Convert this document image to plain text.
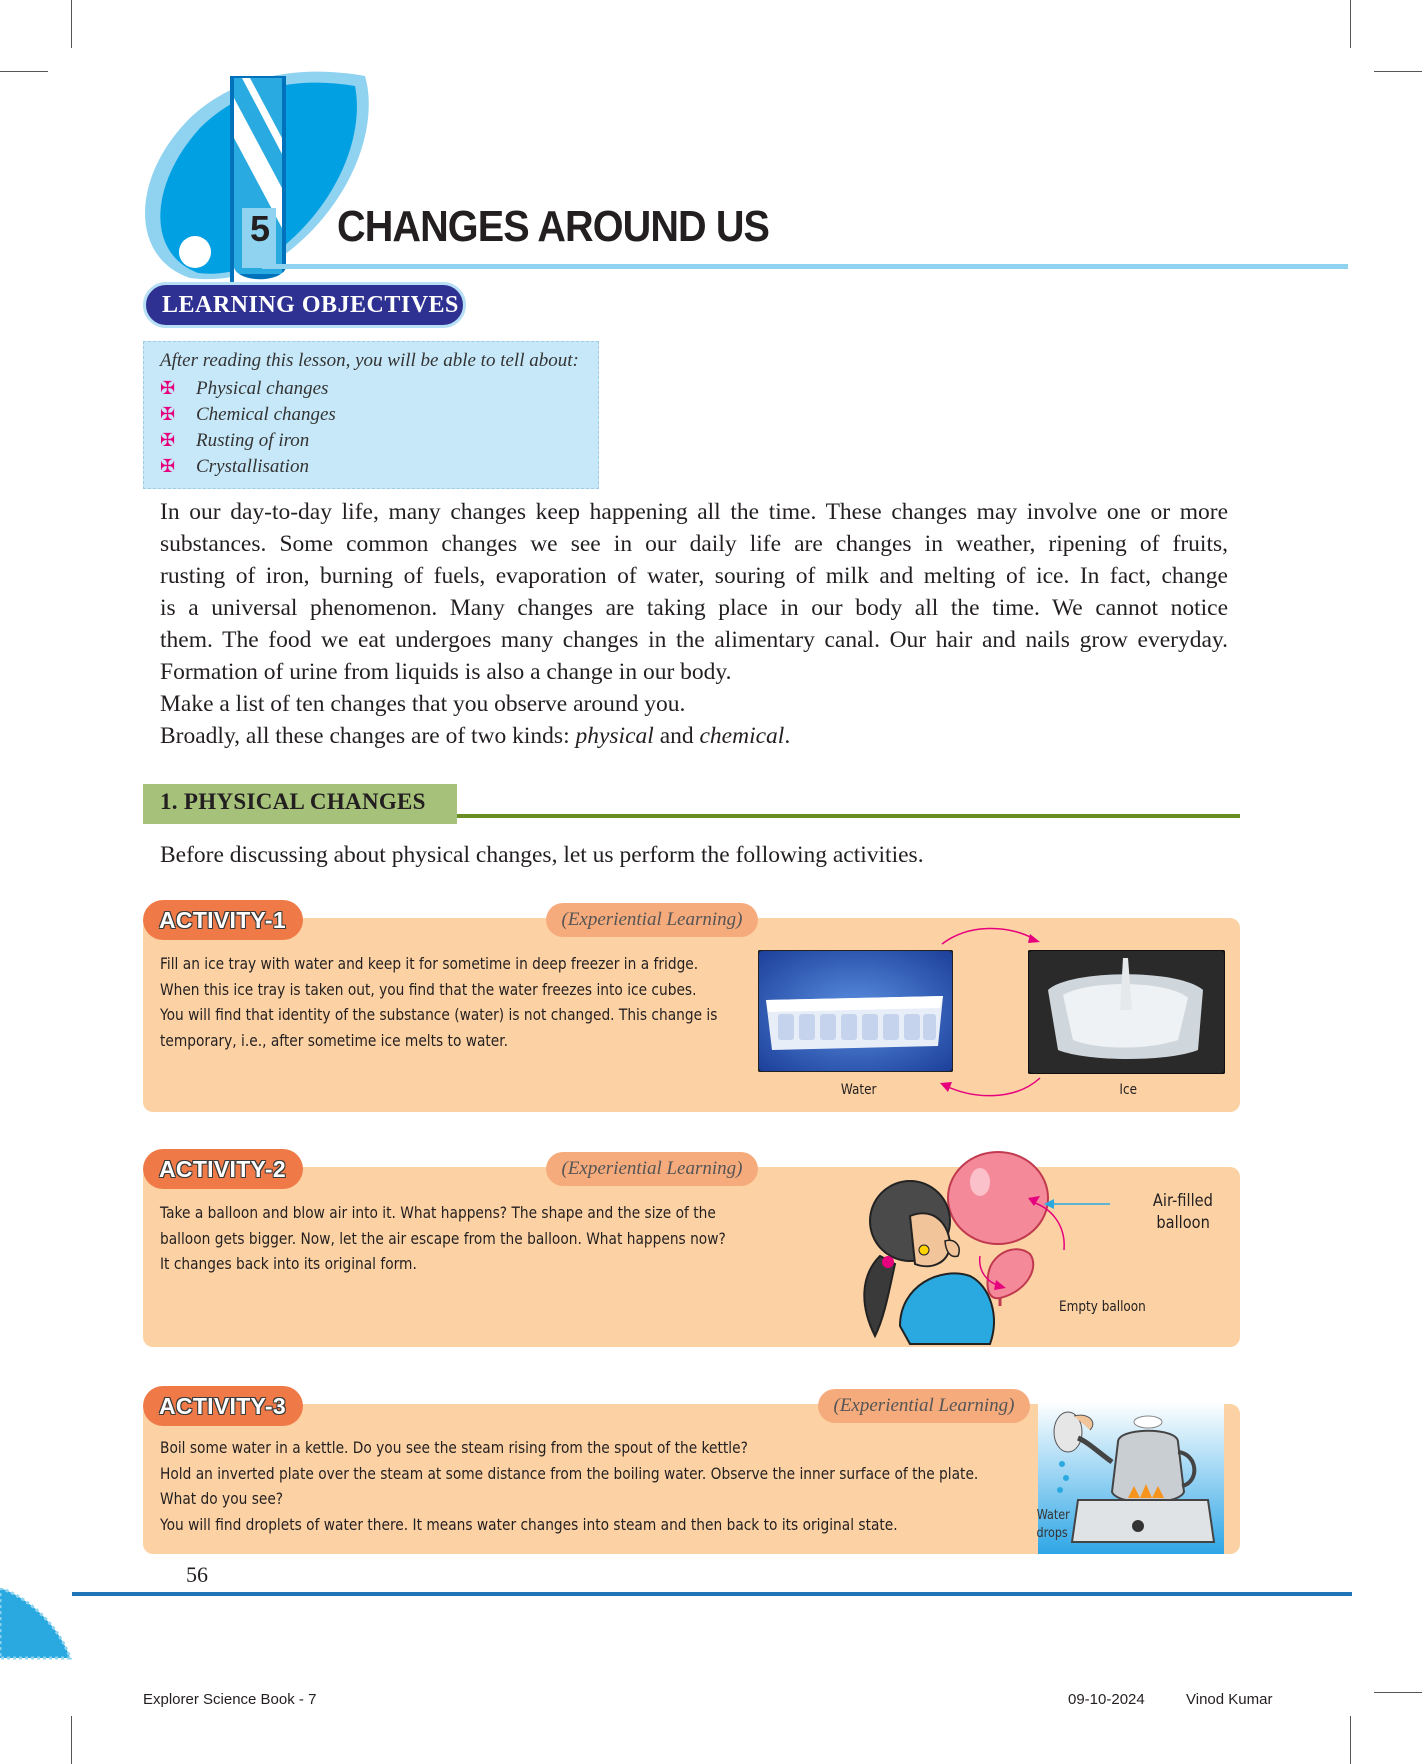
5 CHANGES AROUND US
LEARNING OBJECTIVES
After reading this lesson, you will be able to tell about:
✠ Physical changes
✠ Chemical changes
✠ Rusting of iron
✠ Crystallisation
In our day-to-day life, many changes keep happening all the time. These changes may involve one or more
substances. Some common changes we see in our daily life are changes in weather, ripening of fruits,
rusting of iron, burning of fuels, evaporation of water, souring of milk and melting of ice. In fact, change
is a universal phenomenon. Many changes are taking place in our body all the time. We cannot notice
them. The food we eat undergoes many changes in the alimentary canal. Our hair and nails grow everyday.
Formation of urine from liquids is also a change in our body.
Make a list of ten changes that you observe around you.
Broadly, all these changes are of two kinds: physical and chemical.
1. PHYSICAL CHANGES
Before discussing about physical changes, let us perform the following activities.
ACTIVITY-1	(Experiential Learning)
Fill an ice tray with water and keep it for sometime in deep freezer in a fridge.
When this ice tray is taken out, you find that the water freezes into ice cubes.
You will find that identity of the substance (water) is not changed. This change is
temporary, i.e., after sometime ice melts to water.
Water	Ice
ACTIVITY-2	(Experiential Learning)
Take a balloon and blow air into it. What happens? The shape and the size of the
balloon gets bigger. Now, let the air escape from the balloon. What happens now?
It changes back into its original form.
Air-filled
balloon
Empty balloon
ACTIVITY-3	(Experiential Learning)
Boil some water in a kettle. Do you see the steam rising from the spout of the kettle?
Hold an inverted plate over the steam at some distance from the boiling water. Observe the inner surface of the plate.
What do you see?
You will find droplets of water there. It means water changes into steam and then back to its original state.	Water
drops
56
Explorer Science Book - 7	09-10-2024	Vinod Kumar
